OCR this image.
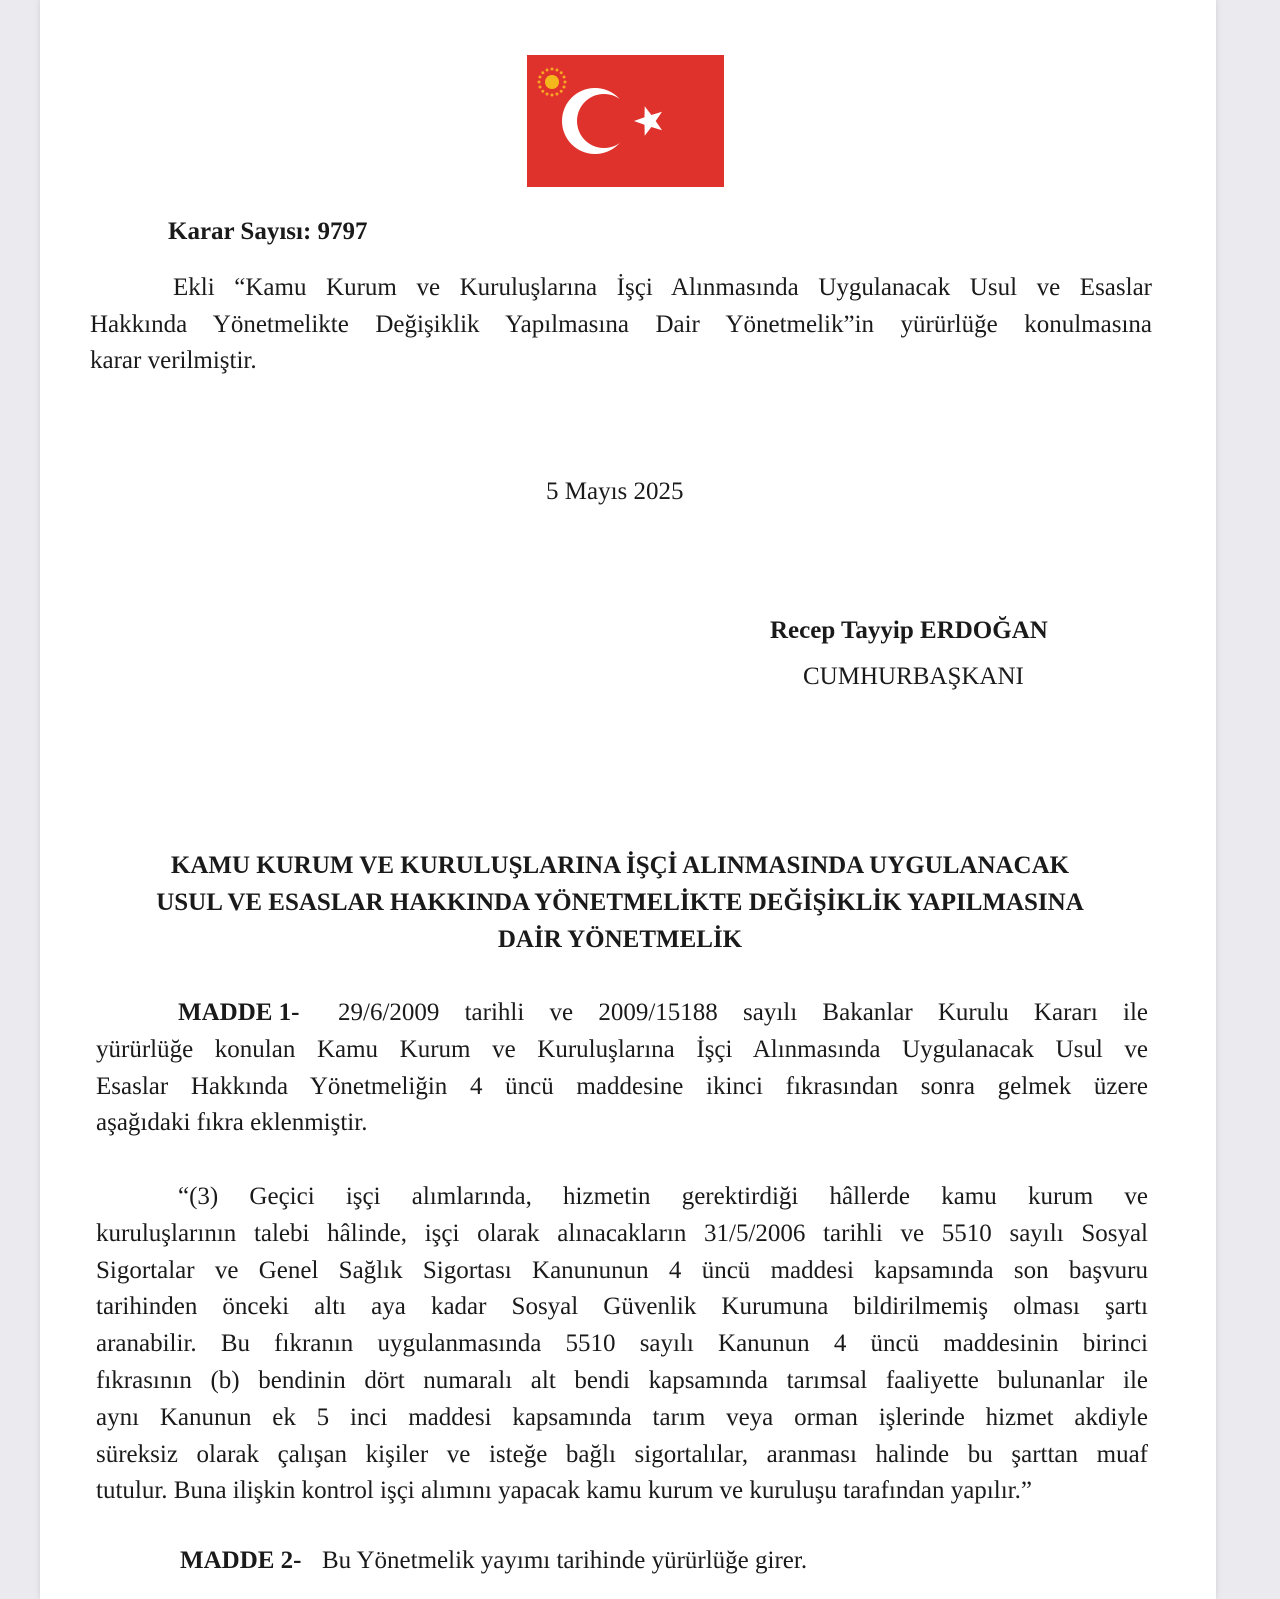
Karar Sayısı: 9797
Ekli “Kamu Kurum ve Kuruluşlarına İşçi Alınmasında Uygulanacak Usul ve Esaslar
Hakkında Yönetmelikte Değişiklik Yapılmasına Dair Yönetmelik”in yürürlüğe konulmasına
karar verilmiştir.
5 Mayıs 2025
Recep Tayyip ERDOĞAN
CUMHURBAŞKANI
KAMU KURUM VE KURULUŞLARINA İŞÇİ ALINMASINDA UYGULANACAK
USUL VE ESASLAR HAKKINDA YÖNETMELİKTE DEĞİŞİKLİK YAPILMASINA
DAİR YÖNETMELİK
MADDE 1- 29/6/2009 tarihli ve 2009/15188 sayılı Bakanlar Kurulu Kararı ile
yürürlüğe konulan Kamu Kurum ve Kuruluşlarına İşçi Alınmasında Uygulanacak Usul ve
Esaslar Hakkında Yönetmeliğin 4 üncü maddesine ikinci fıkrasından sonra gelmek üzere
aşağıdaki fıkra eklenmiştir.
“(3) Geçici işçi alımlarında, hizmetin gerektirdiği hâllerde kamu kurum ve
kuruluşlarının talebi hâlinde, işçi olarak alınacakların 31/5/2006 tarihli ve 5510 sayılı Sosyal
Sigortalar ve Genel Sağlık Sigortası Kanununun 4 üncü maddesi kapsamında son başvuru
tarihinden önceki altı aya kadar Sosyal Güvenlik Kurumuna bildirilmemiş olması şartı
aranabilir. Bu fıkranın uygulanmasında 5510 sayılı Kanunun 4 üncü maddesinin birinci
fıkrasının (b) bendinin dört numaralı alt bendi kapsamında tarımsal faaliyette bulunanlar ile
aynı Kanunun ek 5 inci maddesi kapsamında tarım veya orman işlerinde hizmet akdiyle
süreksiz olarak çalışan kişiler ve isteğe bağlı sigortalılar, aranması halinde bu şarttan muaf
tutulur. Buna ilişkin kontrol işçi alımını yapacak kamu kurum ve kuruluşu tarafından yapılır.”
MADDE 2- Bu Yönetmelik yayımı tarihinde yürürlüğe girer.
